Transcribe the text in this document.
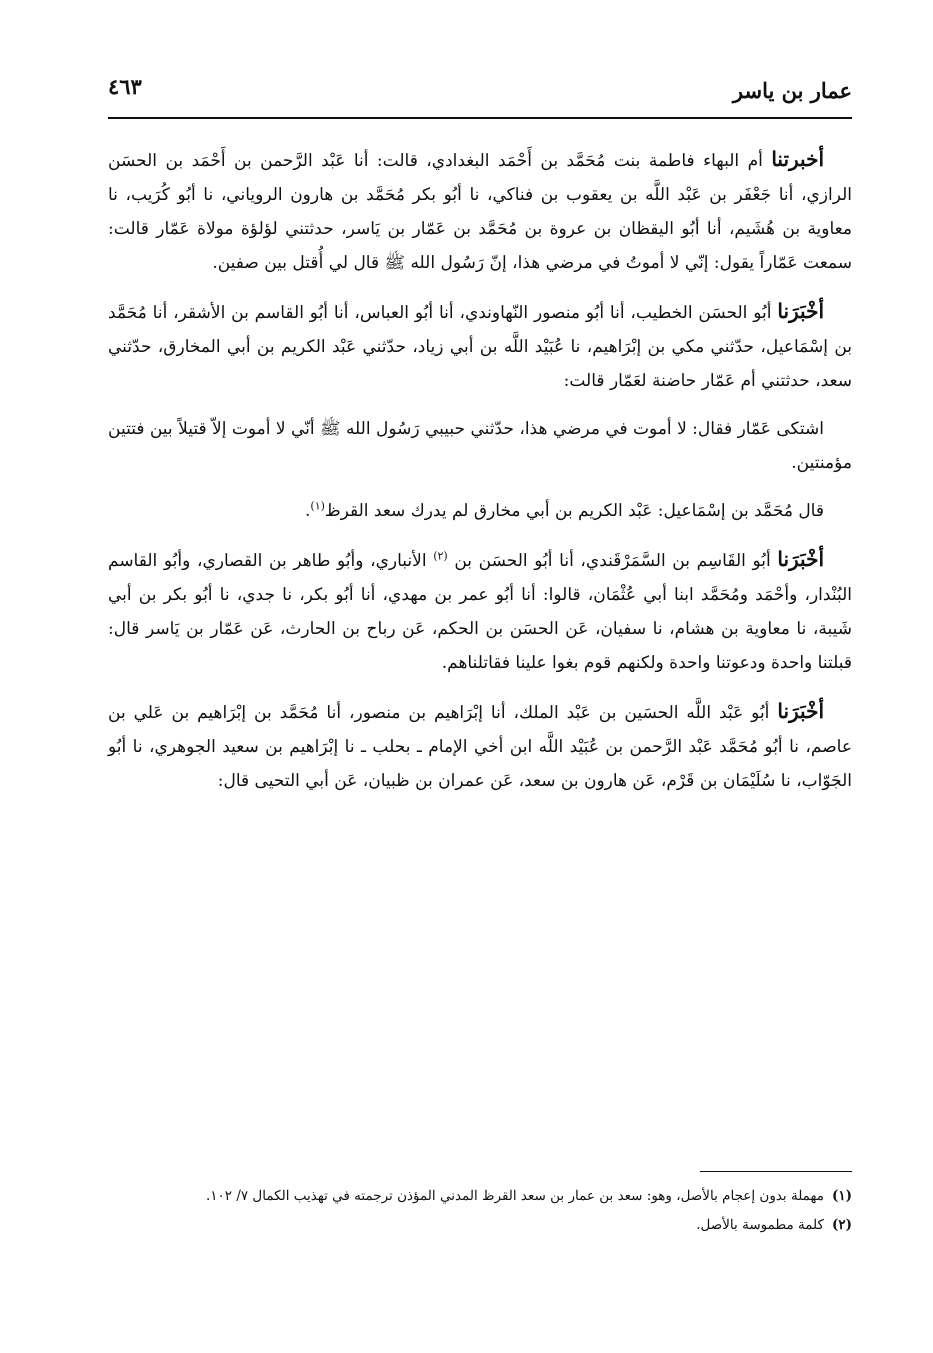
عمار بن ياسر
٤٦٣

أخبرتنا أم البهاء فاطمة بنت مُحَمَّد بن أَحْمَد البغدادي، قالت: أنا عَبْد الرَّحمن بن أَحْمَد بن الحسَن الرازي، أنا جَعْفَر بن عَبْد اللَّه بن يعقوب بن فناكي، نا أبُو بكر مُحَمَّد بن هارون الروياني، نا أبُو كُرَيب، نا معاوية بن هُشَيم، أنا أبُو اليقظان بن عروة بن مُحَمَّد بن عَمّار بن يَاسر، حدثتني لؤلؤة مولاة عَمّار قالت: سمعت عَمّاراً يقول: إنّي لا أموتُ في مرضي هذا، إنّ رَسُول الله ﷺ قال لي أُقتل بين صفين.

أخْبَرَنا أبُو الحسَن الخطيب، أنا أبُو منصور النّهاوندي، أنا أبُو العباس، أنا أبُو القاسم بن الأشقر، أنا مُحَمَّد بن إسْمَاعيل، حدّثني مكي بن إبْرَاهيم، نا عُبَيْد اللَّه بن أبي زياد، حدّثني عَبْد الكريم بن أبي المخارق، حدّثني سعد، حدثتني أم عَمّار حاضنة لعَمّار قالت:

اشتكى عَمّار فقال: لا أموت في مرضي هذا، حدّثني حبيبي رَسُول الله ﷺ أنّي لا أموت إلاّ قتيلاً بين فتتين مؤمنتين.

قال مُحَمَّد بن إسْمَاعيل: عَبْد الكريم بن أبي مخارق لم يدرك سعد القرظ$^{(١)}$.

أخْبَرَنا أبُو القَاسِم بن السَّمَرْقَندي، أنا أبُو الحسَن بن $^{(٢)}$ الأنباري، وأبُو طاهر بن القصاري، وأبُو القاسم البُنْدار، وأحْمَد ومُحَمَّد ابنا أبي عُثْمَان، قالوا: أنا أبُو عمر بن مهدي، أنا أبُو بكر، نا جدي، نا أبُو بكر بن أبي شَيبة، نا معاوية بن هشام، نا سفيان، عَن الحسَن بن الحكم، عَن رباح بن الحارث، عَن عَمّار بن يَاسر قال: قبلتنا واحدة ودعوتنا واحدة ولكنهم قوم بغوا علينا فقاتلناهم.

أخْبَرَنا أبُو عَبْد اللَّه الحسَين بن عَبْد الملك، أنا إبْرَاهيم بن منصور، أنا مُحَمَّد بن إبْرَاهيم بن عَلي بن عاصم، نا أبُو مُحَمَّد عَبْد الرَّحمن بن عُبَيْد اللَّه ابن أخي الإمام ـ بحلب ـ نا إبْرَاهيم بن سعيد الجوهري، نا أبُو الجَوّاب، نا سُلَيْمَان بن قَرْم، عَن هارون بن سعد، عَن عمران بن ظبيان، عَن أبي التحيى قال:

(١)مهملة بدون إعجام بالأصل، وهو: سعد بن عمار بن سعد القرظ المدني المؤذن ترجمته في تهذيب الكمال ٧/ ١٠٢.

(٢)كلمة مطموسة بالأصل.
